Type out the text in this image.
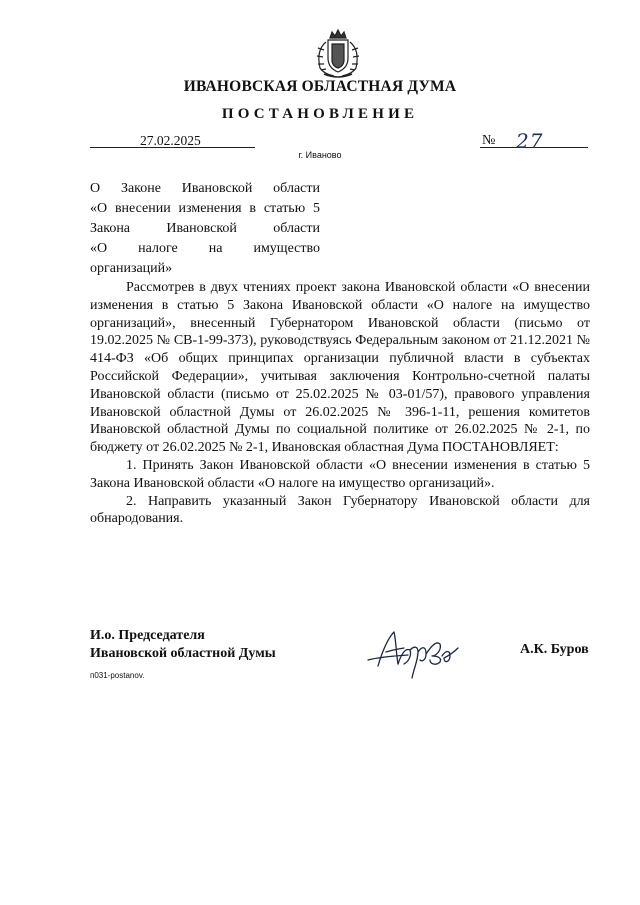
ИВАНОВСКАЯ ОБЛАСТНАЯ ДУМА
ПОСТАНОВЛЕНИЕ
27.02.2025	№ 27
г. Иваново
О Законе Ивановской области
«О внесении изменения в статью 5
Закона Ивановской области
«О налоге на имущество
организаций»

Рассмотрев в двух чтениях проект закона Ивановской области «О внесении изменения в статью 5 Закона Ивановской области «О налоге на имущество организаций», внесенный Губернатором Ивановской области (письмо от 19.02.2025 № СВ-1-99-373), руководствуясь Федеральным законом от 21.12.2021 № 414-ФЗ «Об общих принципах организации публичной власти в субъектах Российской Федерации», учитывая заключения Контрольно-счетной палаты Ивановской области (письмо от 25.02.2025 № 03-01/57), правового управления Ивановской областной Думы от 26.02.2025 № 396-1-11, решения комитетов Ивановской областной Думы по социальной политике от 26.02.2025 № 2-1, по бюджету от 26.02.2025 № 2-1, Ивановская областная Дума ПОСТАНОВЛЯЕТ:

1. Принять Закон Ивановской области «О внесении изменения в статью 5 Закона Ивановской области «О налоге на имущество организаций».

2. Направить указанный Закон Губернатору Ивановской области для обнародования.

И.о. Председателя
Ивановской областной Думы	А.К. Буров
п031-postanov.
